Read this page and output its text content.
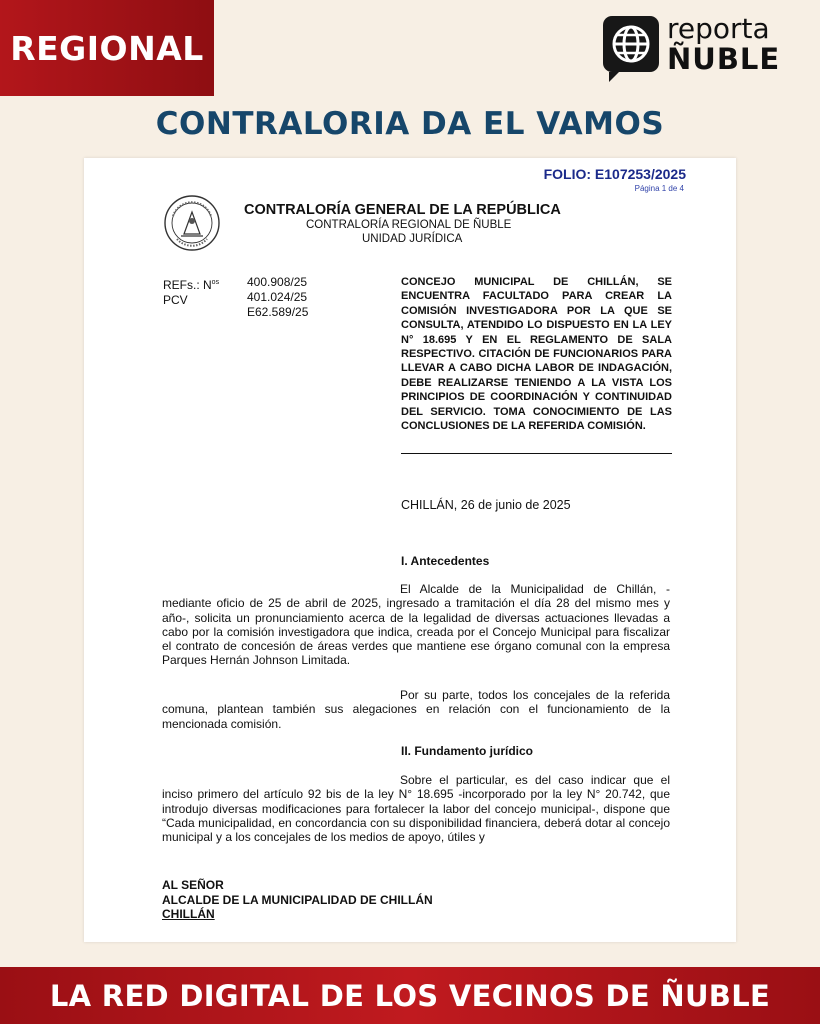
REGIONAL	reporta
ÑUBLE
CONTRALORIA DA EL VAMOS
FOLIO: E107253/2025
Página 1 de 4
CONTRALORÍA GENERAL DE LA REPÚBLICA
CONTRALORÍA REGIONAL DE ÑUBLE
UNIDAD JURÍDICA
REFs.: $N^{os}$
PCV
400.908/25
401.024/25
E62.589/25
CONCEJO MUNICIPAL DE CHILLÁN, SE ENCUENTRA FACULTADO PARA CREAR LA COMISIÓN INVESTIGADORA POR LA QUE SE CONSULTA, ATENDIDO LO DISPUESTO EN LA LEY N° 18.695 Y EN EL REGLAMENTO DE SALA RESPECTIVO. CITACIÓN DE FUNCIONARIOS PARA LLEVAR A CABO DICHA LABOR DE INDAGACIÓN, DEBE REALIZARSE TENIENDO A LA VISTA LOS PRINCIPIOS DE COORDINACIÓN Y CONTINUIDAD DEL SERVICIO. TOMA CONOCIMIENTO DE LAS CONCLUSIONES DE LA REFERIDA COMISIÓN.
CHILLÁN, 26 de junio de 2025
I. Antecedentes
El Alcalde de la Municipalidad de Chillán, -mediante oficio de 25 de abril de 2025, ingresado a tramitación el día 28 del mismo mes y año-, solicita un pronunciamiento acerca de la legalidad de diversas actuaciones llevadas a cabo por la comisión investigadora que indica, creada por el Concejo Municipal para fiscalizar el contrato de concesión de áreas verdes que mantiene ese órgano comunal con la empresa Parques Hernán Johnson Limitada.
Por su parte, todos los concejales de la referida comuna, plantean también sus alegaciones en relación con el funcionamiento de la mencionada comisión.
II. Fundamento jurídico
Sobre el particular, es del caso indicar que el inciso primero del artículo 92 bis de la ley N° 18.695 -incorporado por la ley N° 20.742, que introdujo diversas modificaciones para fortalecer la labor del concejo municipal-, dispone que “Cada municipalidad, en concordancia con su disponibilidad financiera, deberá dotar al concejo municipal y a los concejales de los medios de apoyo, útiles y
AL SEÑOR
ALCALDE DE LA MUNICIPALIDAD DE CHILLÁN
CHILLÁN
LA RED DIGITAL DE LOS VECINOS DE ÑUBLE
